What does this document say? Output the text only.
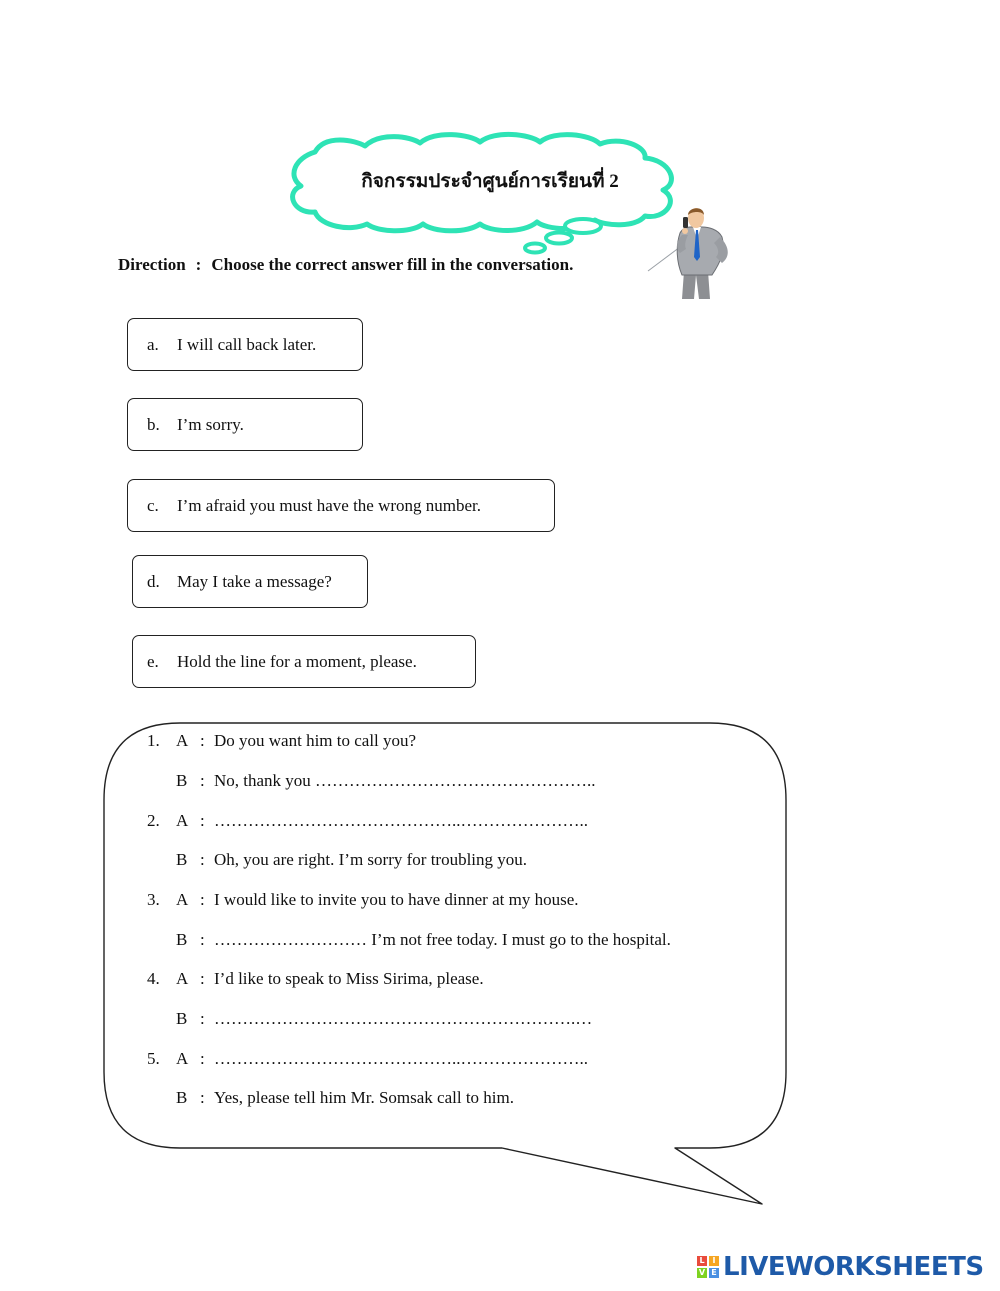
กิจกรรมประจำศูนย์การเรียนที่ 2
Direction : Choose the correct answer fill in the conversation.
a.	I will call back later.
b.	I’m sorry.
c.	I’m afraid you must have the wrong number.
d.	May I take a message?
e.	Hold the line for a moment, please.
1. A : Do you want him to call you?
B : No, thank you …………………………………………..
2. A : ……………………………………..…………………..
B : Oh, you are right. I’m sorry for troubling you.
3. A : I would like to invite you to have dinner at my house.
B : ……………………… I’m not free today. I must go to the hospital.
4. A : I’d like to speak to Miss Sirima, please.
B : ……………………………………………………….…
5. A : ……………………………………..…………………..
B : Yes, please tell him Mr. Somsak call to him.
L I
V E LIVEWORKSHEETS
